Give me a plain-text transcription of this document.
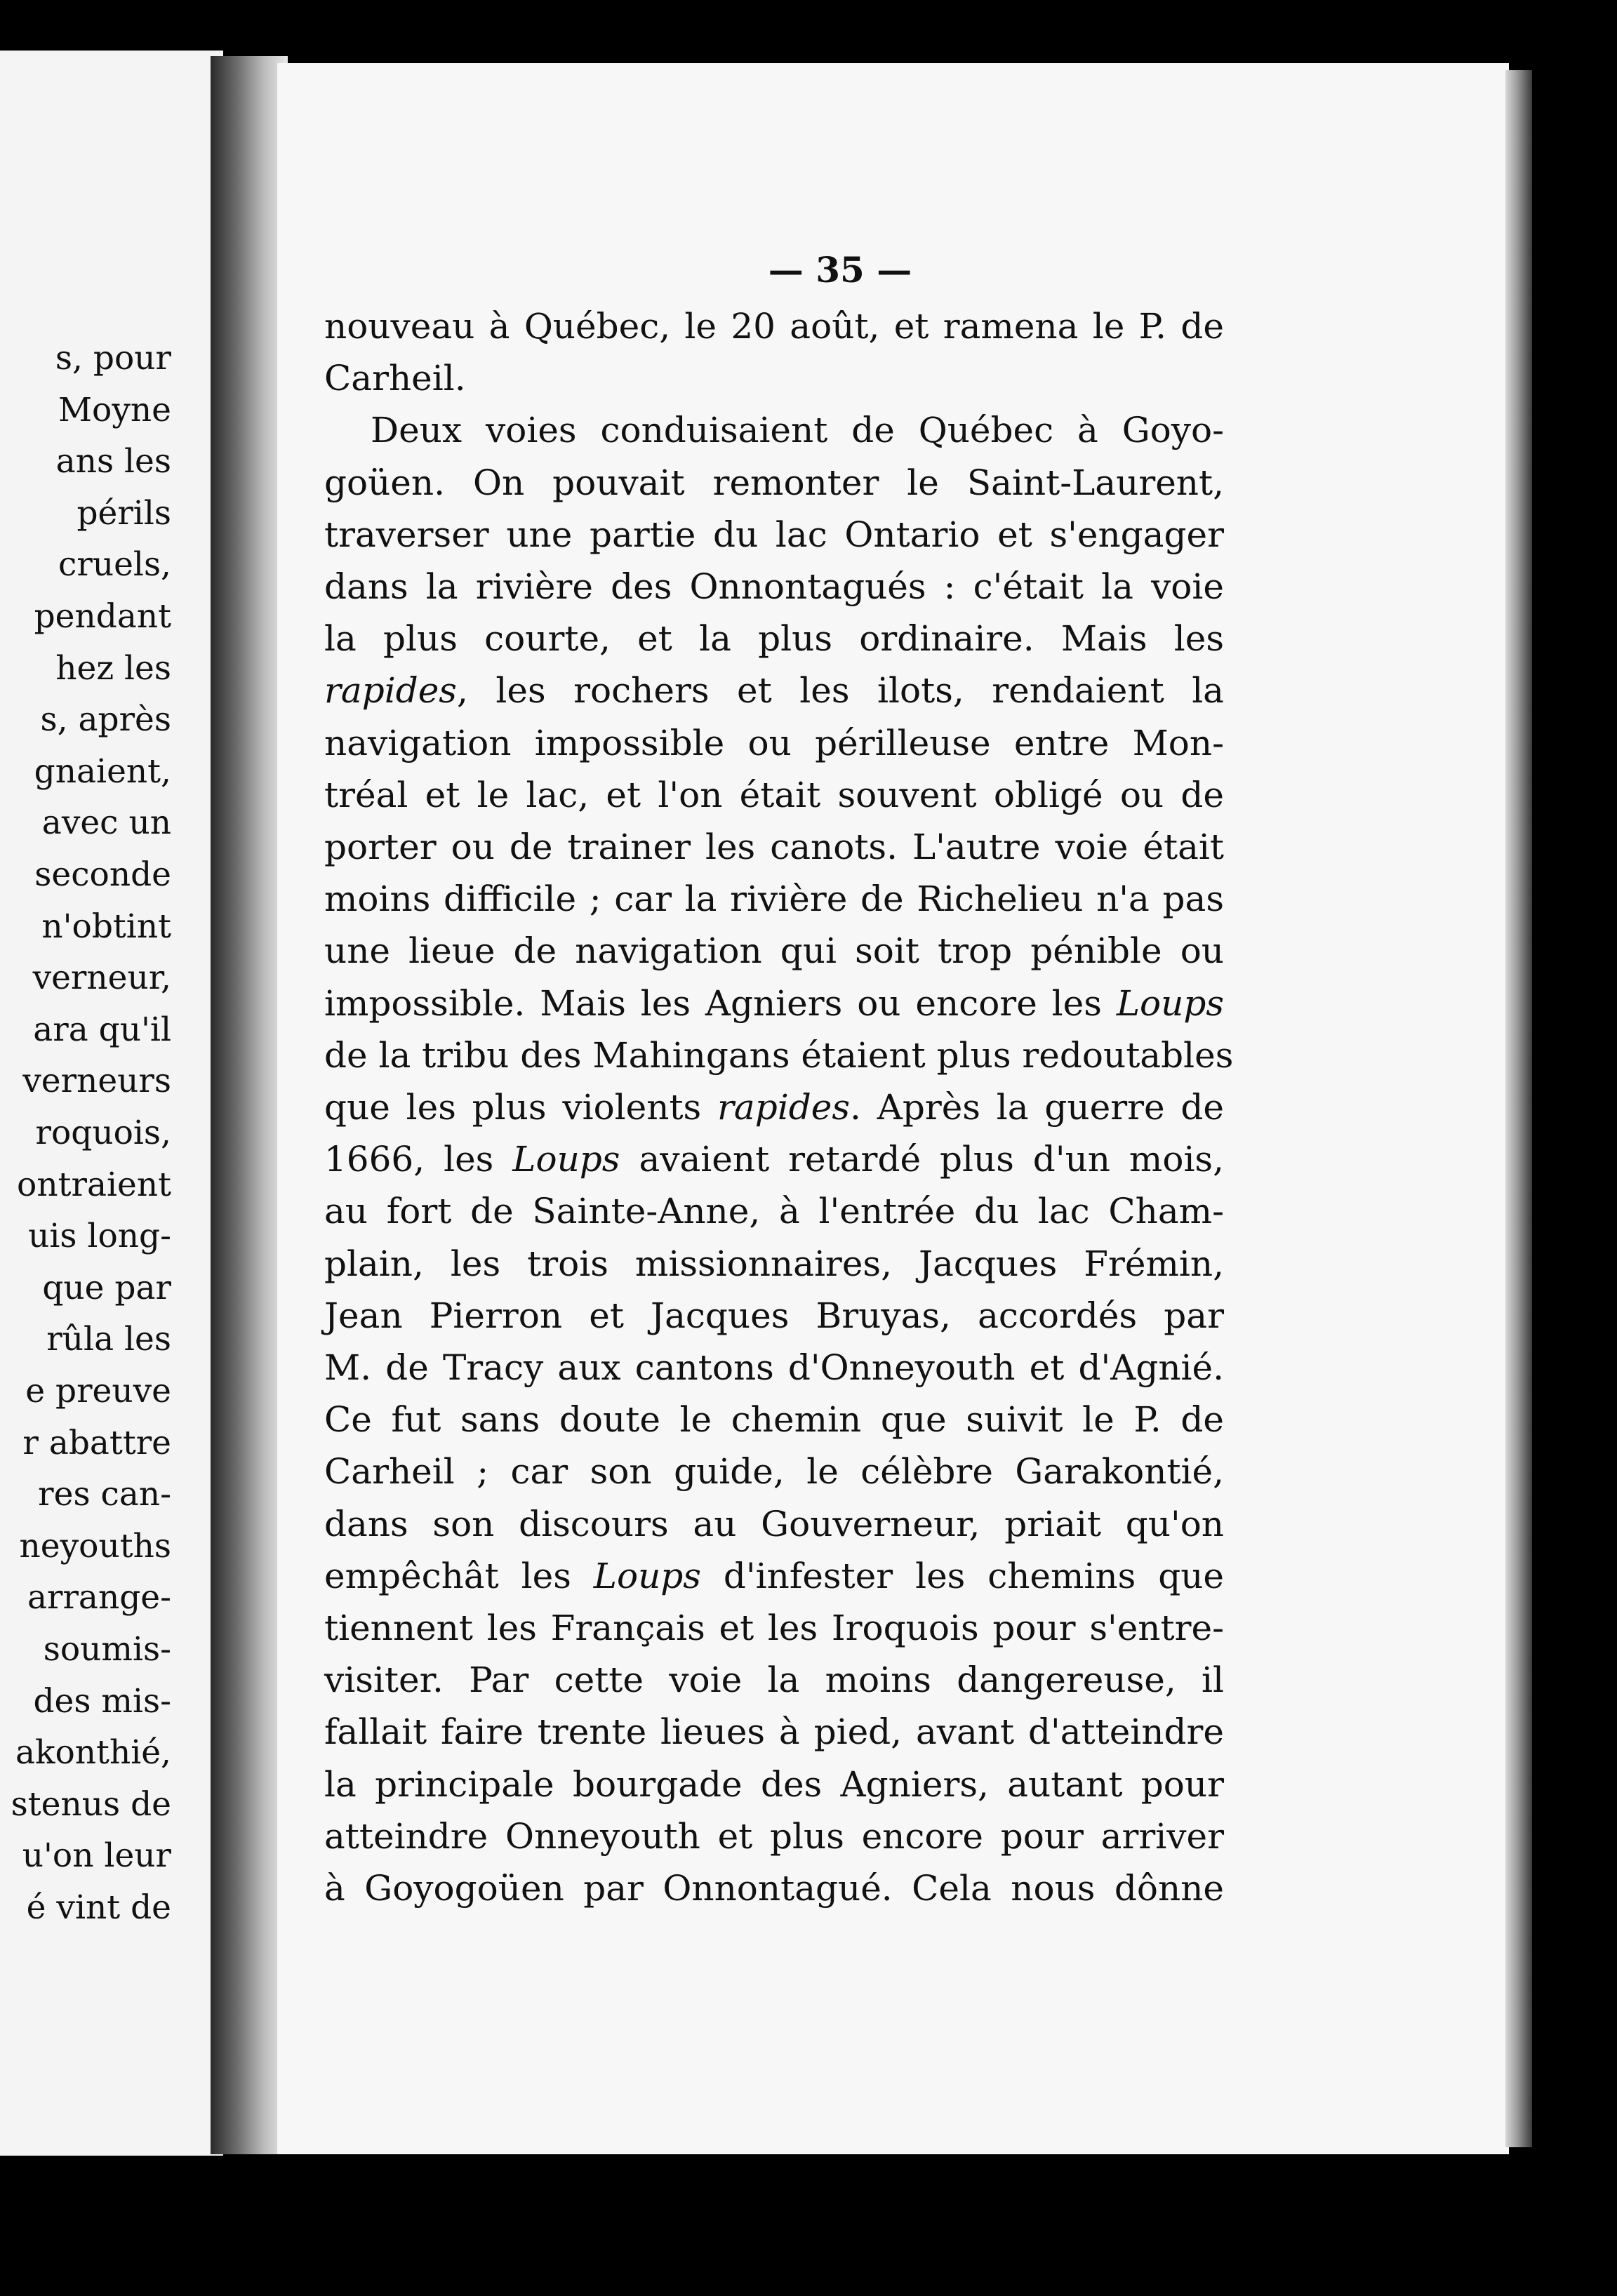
s, pour
Moyne
ans les
périls
cruels,
pendant
hez les
s, après
gnaient,
avec un
seconde
n'obtint
verneur,
ara qu'il
verneurs
roquois,
ontraient
uis long-
que par
rûla les
e preuve
r abattre
res can-
neyouths
arrange-
soumis-
des mis-
akonthié,
stenus de
u'on leur
é vint de
— 35 —
nouveau à Québec, le 20 août, et ramena le P. de
Carheil.
Deux voies conduisaient de Québec à Goyo-
goüen. On pouvait remonter le Saint-Laurent,
traverser une partie du lac Ontario et s'engager
dans la rivière des Onnontagués : c'était la voie
la plus courte, et la plus ordinaire. Mais les
rapides, les rochers et les ilots, rendaient la
navigation impossible ou périlleuse entre Mon-
tréal et le lac, et l'on était souvent obligé ou de
porter ou de trainer les canots. L'autre voie était
moins difficile ; car la rivière de Richelieu n'a pas
une lieue de navigation qui soit trop pénible ou
impossible. Mais les Agniers ou encore les Loups
de la tribu des Mahingans étaient plus redoutables
que les plus violents rapides. Après la guerre de
1666, les Loups avaient retardé plus d'un mois,
au fort de Sainte-Anne, à l'entrée du lac Cham-
plain, les trois missionnaires, Jacques Frémin,
Jean Pierron et Jacques Bruyas, accordés par
M. de Tracy aux cantons d'Onneyouth et d'Agnié.
Ce fut sans doute le chemin que suivit le P. de
Carheil ; car son guide, le célèbre Garakontié,
dans son discours au Gouverneur, priait qu'on
empêchât les Loups d'infester les chemins que
tiennent les Français et les Iroquois pour s'entre-
visiter. Par cette voie la moins dangereuse, il
fallait faire trente lieues à pied, avant d'atteindre
la principale bourgade des Agniers, autant pour
atteindre Onneyouth et plus encore pour arriver
à Goyogoüen par Onnontagué. Cela nous dônne
